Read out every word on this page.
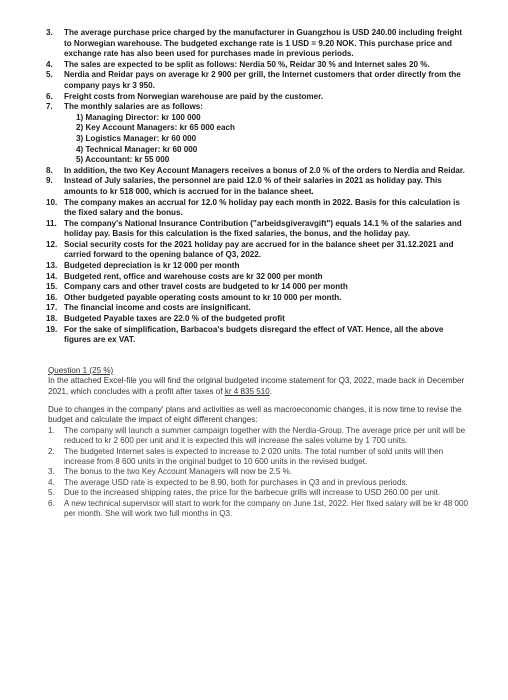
3.	The average purchase price charged by the manufacturer in Guangzhou is USD 240.00 including freight to Norwegian warehouse. The budgeted exchange rate is 1 USD = 9.20 NOK. This purchase price and exchange rate has also been used for purchases made in previous periods.
4.	The sales are expected to be split as follows: Nerdia 50 %, Reidar 30 % and Internet sales 20 %.
5.	Nerdia and Reidar pays on average kr 2 900 per grill, the Internet customers that order directly from the company pays kr 3 950.
6.	Freight costs from Norwegian warehouse are paid by the customer.
7.	The monthly salaries are as follows:
1) Managing Director: kr 100 000
2) Key Account Managers: kr 65 000 each
3) Logistics Manager: kr 60 000
4) Technical Manager: kr 60 000
5) Accountant: kr 55 000
8.	In addition, the two Key Account Managers receives a bonus of 2.0 % of the orders to Nerdia and Reidar.
9.	Instead of July salaries, the personnel are paid 12.0 % of their salaries in 2021 as holiday pay. This amounts to kr 518 000, which is accrued for in the balance sheet.
10. The company makes an accrual for 12.0 % holiday pay each month in 2022. Basis for this calculation is the fixed salary and the bonus.
11. The company's National Insurance Contribution ("arbeidsgiveravgift") equals 14.1 % of the salaries and holiday pay. Basis for this calculation is the fixed salaries, the bonus, and the holiday pay.
12. Social security costs for the 2021 holiday pay are accrued for in the balance sheet per 31.12.2021 and carried forward to the opening balance of Q3, 2022.
13. Budgeted depreciation is kr 12 000 per month
14. Budgeted rent, office and warehouse costs are kr 32 000 per month
15. Company cars and other travel costs are budgeted to kr 14 000 per month
16. Other budgeted payable operating costs amount to kr 10 000 per month.
17. The financial income and costs are insignificant.
18. Budgeted Payable taxes are 22.0 % of the budgeted profit
19. For the sake of simplification, Barbacoa's budgets disregard the effect of VAT. Hence, all the above figures are ex VAT.
Question 1 (25 %)
In the attached Excel-file you will find the original budgeted income statement for Q3, 2022, made back in December 2021, which concludes with a profit after taxes of kr 4 835 510.
Due to changes in the company' plans and activities as well as macroeconomic changes, it is now time to revise the budget and calculate the impact of eight different changes:
1.	The company will launch a summer campaign together with the Nerdia-Group. The average price per unit will be reduced to kr 2 600 per unit and it is expected this will increase the sales volume by 1 700 units.
2.	The budgeted Internet sales is expected to increase to 2 020 units. The total number of sold units will then increase from 8 600 units in the original budget to 10 600 units in the revised budget.
3.	The bonus to the two Key Account Managers will now be 2.5 %.
4.	The average USD rate is expected to be 8.90, both for purchases in Q3 and in previous periods.
5.	Due to the increased shipping rates, the price for the barbecue grills will increase to USD 260.00 per unit.
6.	A new technical supervisor will start to work for the company on June 1st, 2022. Her fixed salary will be kr 48 000 per month. She will work two full months in Q3.
